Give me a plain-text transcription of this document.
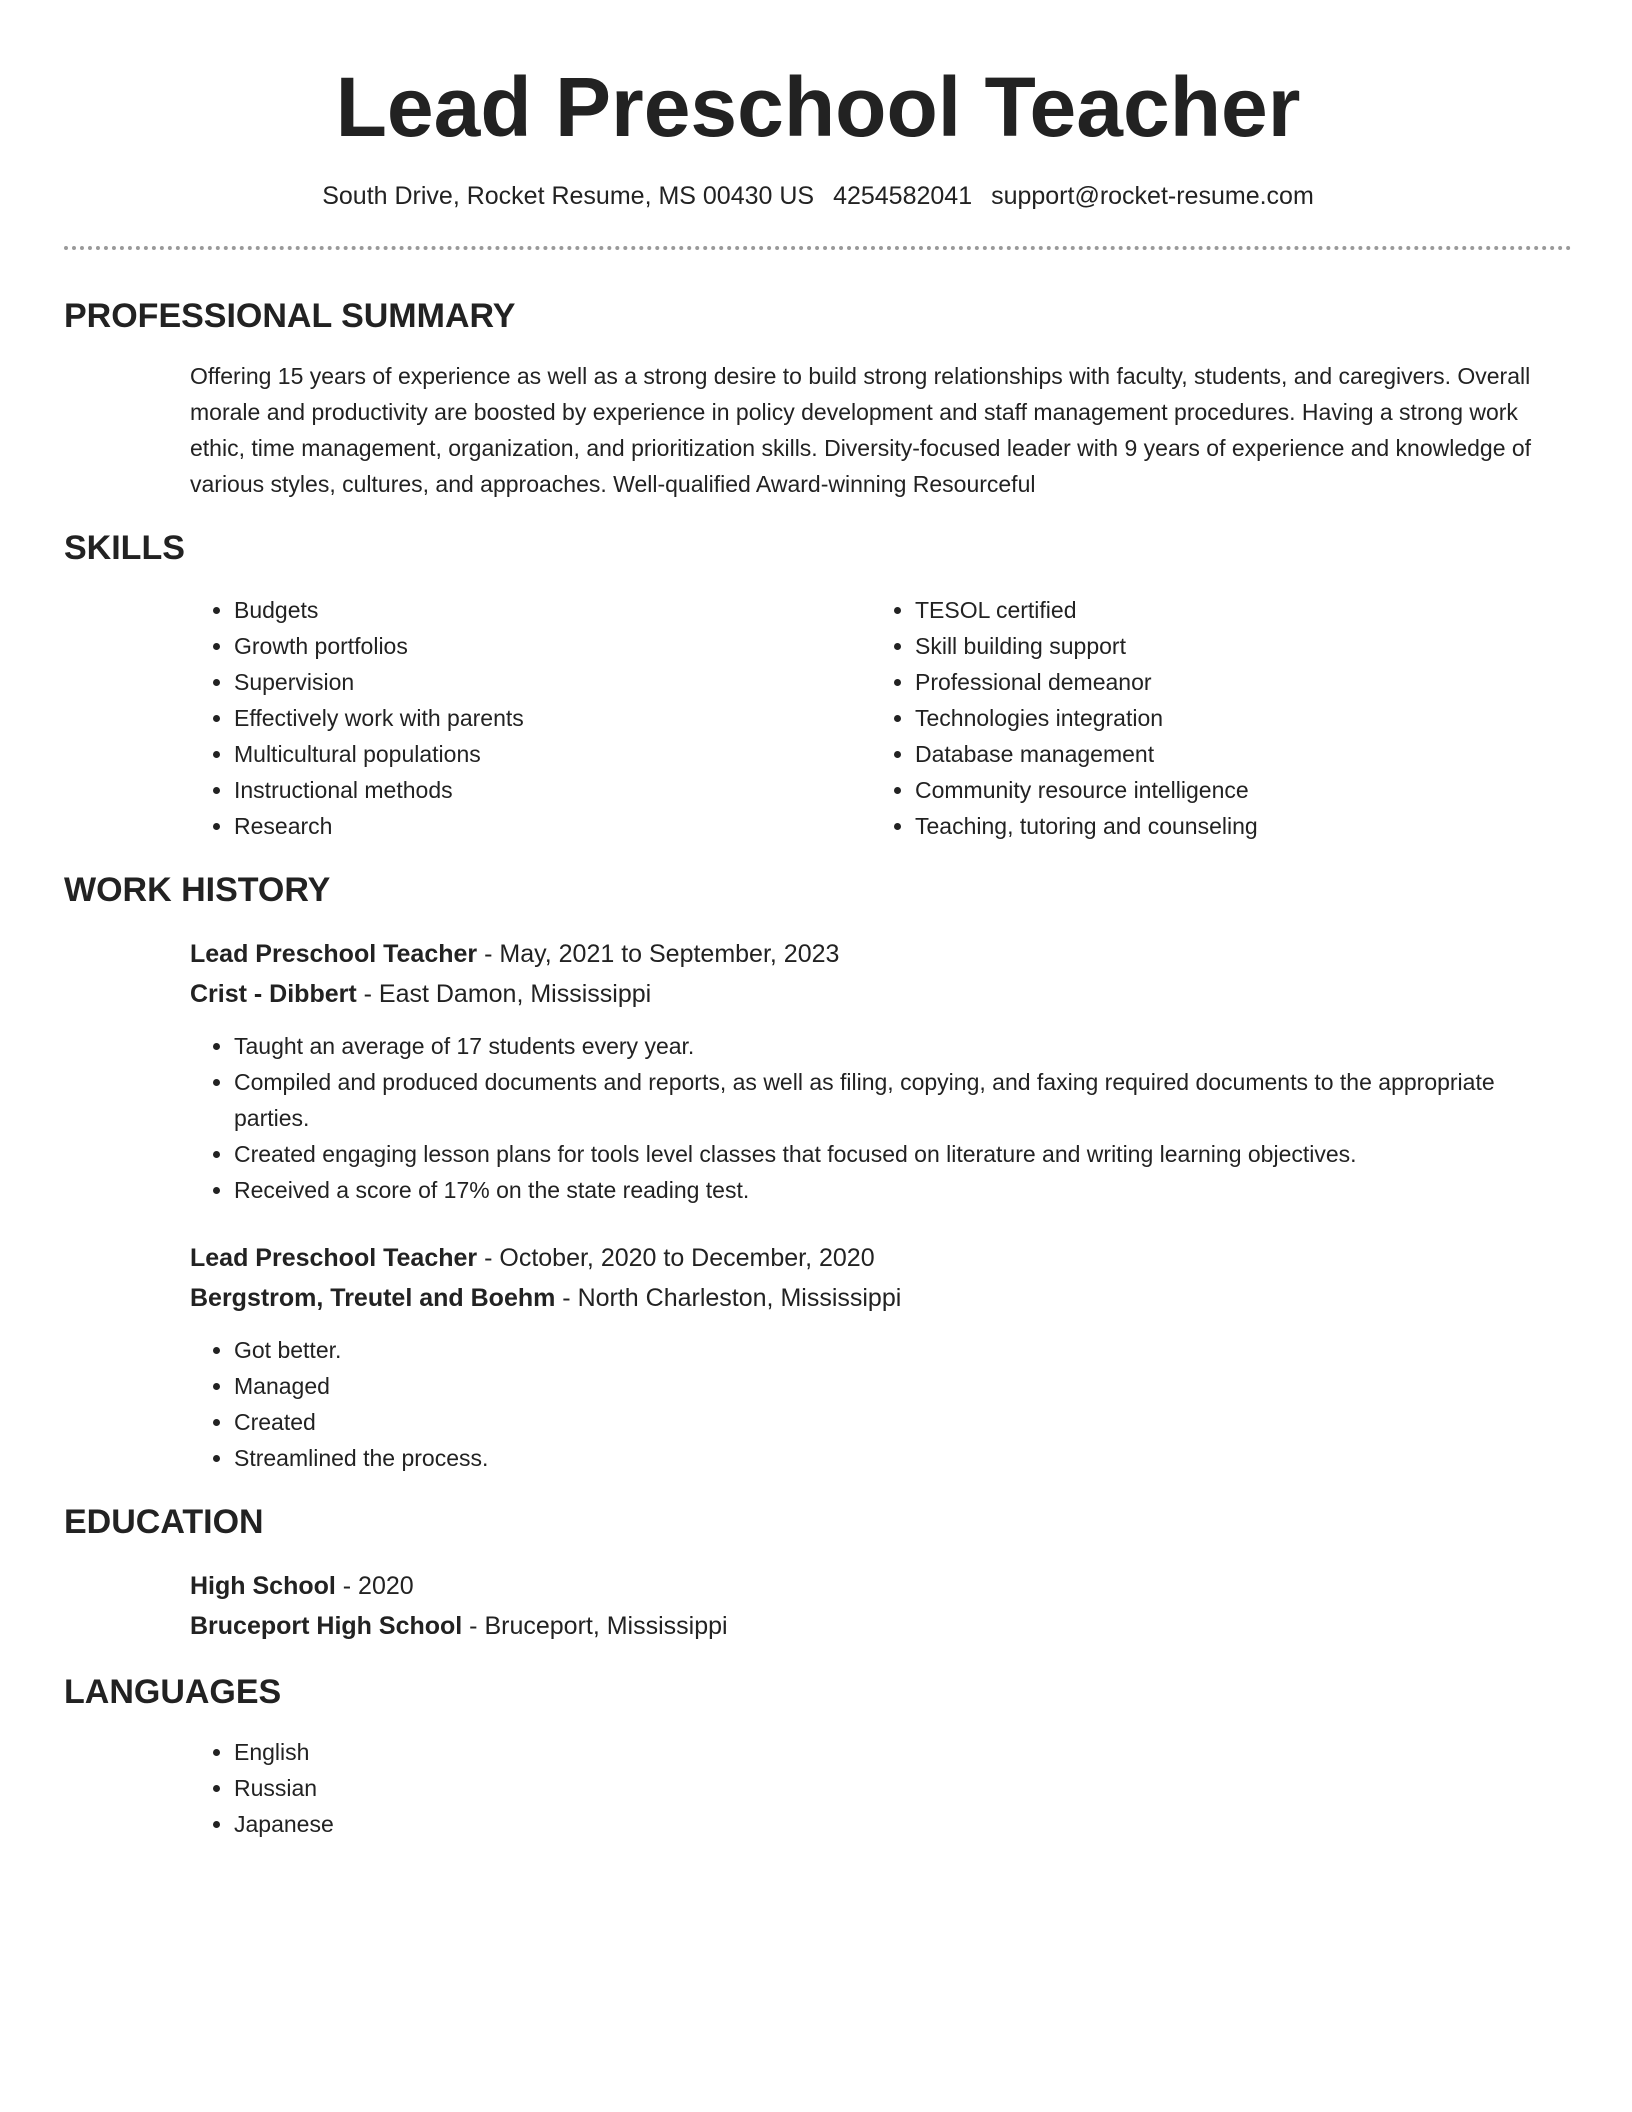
Lead Preschool Teacher
South Drive, Rocket Resume, MS 00430 US 4254582041 support@rocket-resume.com
PROFESSIONAL SUMMARY

Offering 15 years of experience as well as a strong desire to build strong relationships with faculty, students, and caregivers. Overall morale and productivity are boosted by experience in policy development and staff management procedures. Having a strong work ethic, time management, organization, and prioritization skills. Diversity-focused leader with 9 years of experience and knowledge of various styles, cultures, and approaches. Well-qualified Award-winning Resourceful

SKILLS
• Budgets
• Growth portfolios
• Supervision
• Effectively work with parents
• Multicultural populations
• Instructional methods
• Research
• TESOL certified
• Skill building support
• Professional demeanor
• Technologies integration
• Database management
• Community resource intelligence
• Teaching, tutoring and counseling
WORK HISTORY
Lead Preschool Teacher - May, 2021 to September, 2023
Crist - Dibbert - East Damon, Mississippi
• Taught an average of 17 students every year.
• Compiled and produced documents and reports, as well as filing, copying, and faxing required documents to the appropriate parties.
• Created engaging lesson plans for tools level classes that focused on literature and writing learning objectives.
• Received a score of 17% on the state reading test.
Lead Preschool Teacher - October, 2020 to December, 2020
Bergstrom, Treutel and Boehm - North Charleston, Mississippi
• Got better.
• Managed
• Created
• Streamlined the process.
EDUCATION
High School - 2020
Bruceport High School - Bruceport, Mississippi
LANGUAGES
• English
• Russian
• Japanese
